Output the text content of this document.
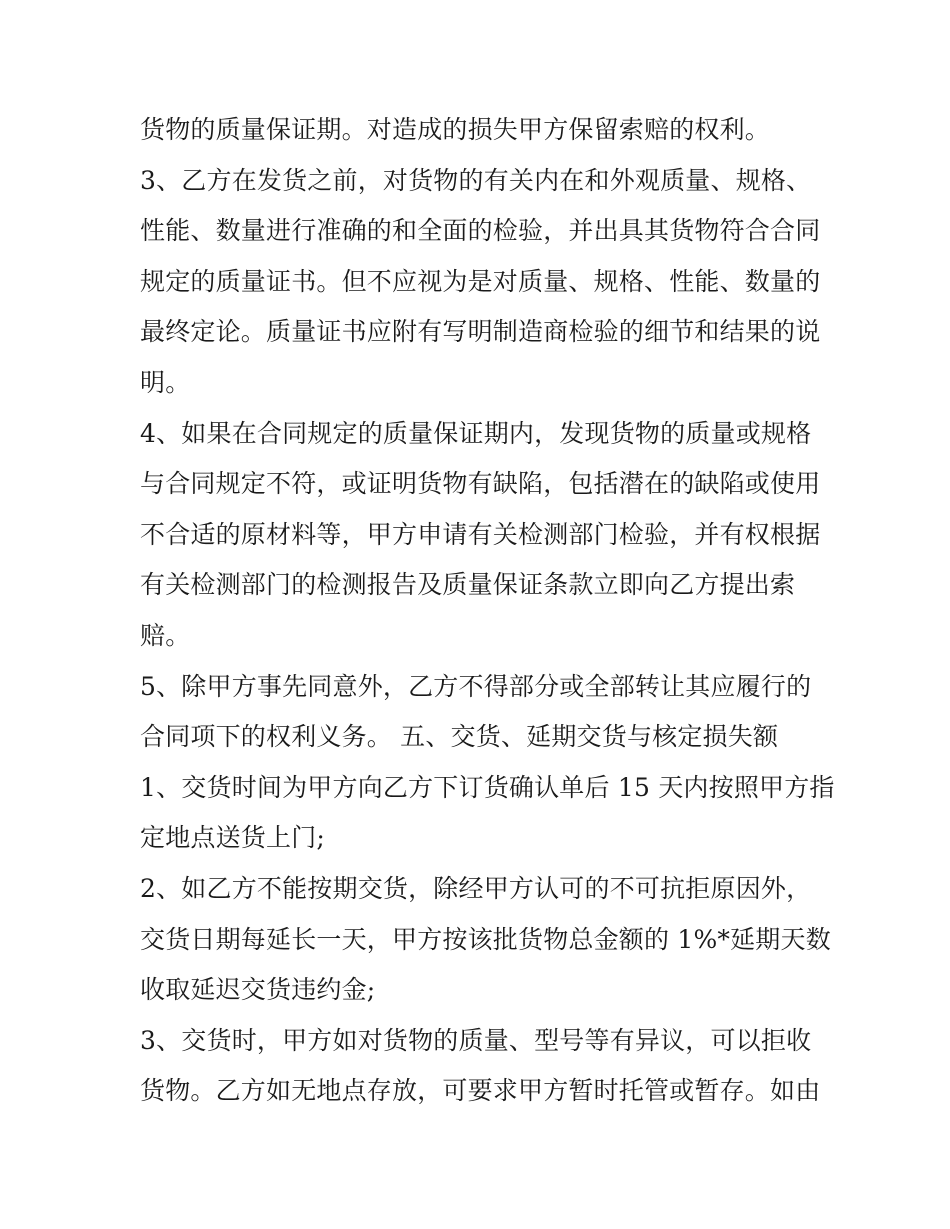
货物的质量保证期。对造成的损失甲方保留索赔的权利。
3、乙方在发货之前，对货物的有关内在和外观质量、规格、
性能、数量进行准确的和全面的检验，并出具其货物符合合同
规定的质量证书。但不应视为是对质量、规格、性能、数量的
最终定论。质量证书应附有写明制造商检验的细节和结果的说
明。
4、如果在合同规定的质量保证期内，发现货物的质量或规格
与合同规定不符，或证明货物有缺陷，包括潜在的缺陷或使用
不合适的原材料等，甲方申请有关检测部门检验，并有权根据
有关检测部门的检测报告及质量保证条款立即向乙方提出索
赔。
5、除甲方事先同意外，乙方不得部分或全部转让其应履行的
合同项下的权利义务。 五、交货、延期交货与核定损失额
1、交货时间为甲方向乙方下订货确认单后 15 天内按照甲方指
定地点送货上门;
2、如乙方不能按期交货，除经甲方认可的不可抗拒原因外，
交货日期每延长一天，甲方按该批货物总金额的 1%*延期天数
收取延迟交货违约金;
3、交货时，甲方如对货物的质量、型号等有异议，可以拒收
货物。乙方如无地点存放，可要求甲方暂时托管或暂存。如由
